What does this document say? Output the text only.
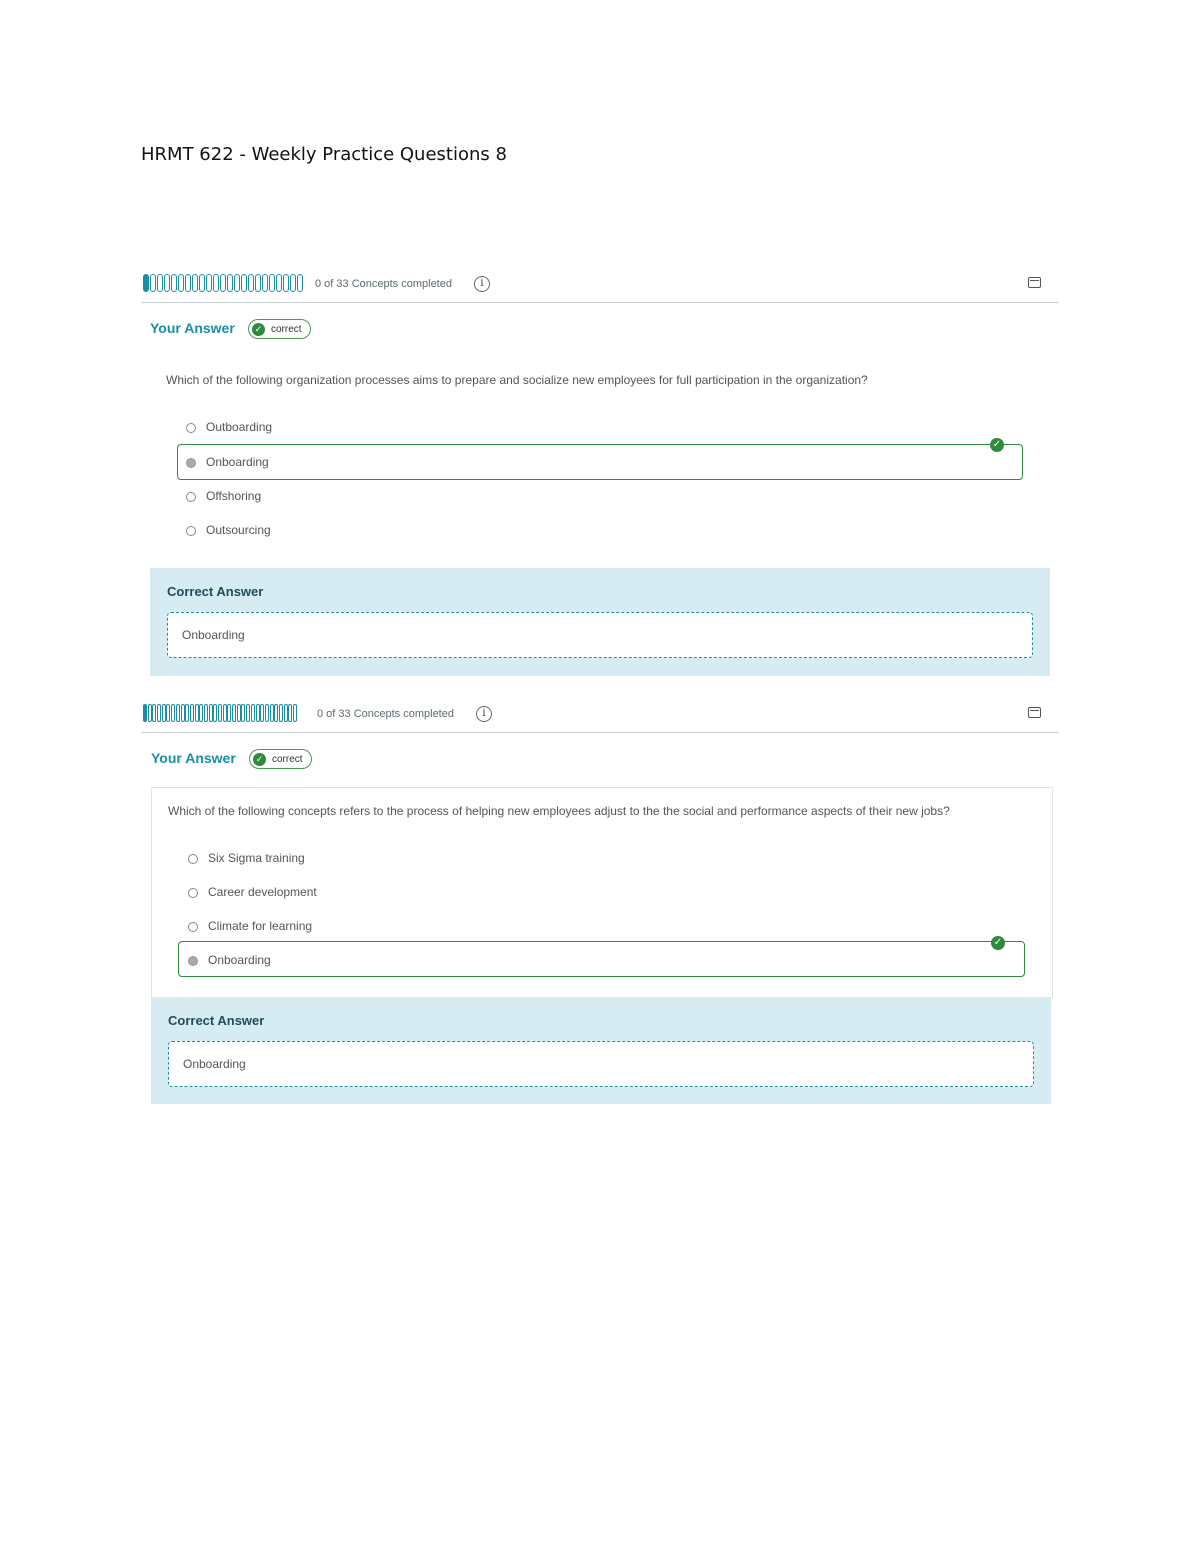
HRMT 622 - Weekly Practice Questions 8
0 of 33 Concepts completed	i
Your Answer	✓ correct
Which of the following organization processes aims to prepare and socialize new employees for full participation in the organization?
✓
Outboarding
Onboarding
Offshoring
Outsourcing
Correct Answer
Onboarding
0 of 33 Concepts completed	i
Your Answer	✓ correct
Which of the following concepts refers to the process of helping new employees adjust to the the social and performance aspects of their new jobs?
✓
Six Sigma training
Career development
Climate for learning
Onboarding
Correct Answer
Onboarding
